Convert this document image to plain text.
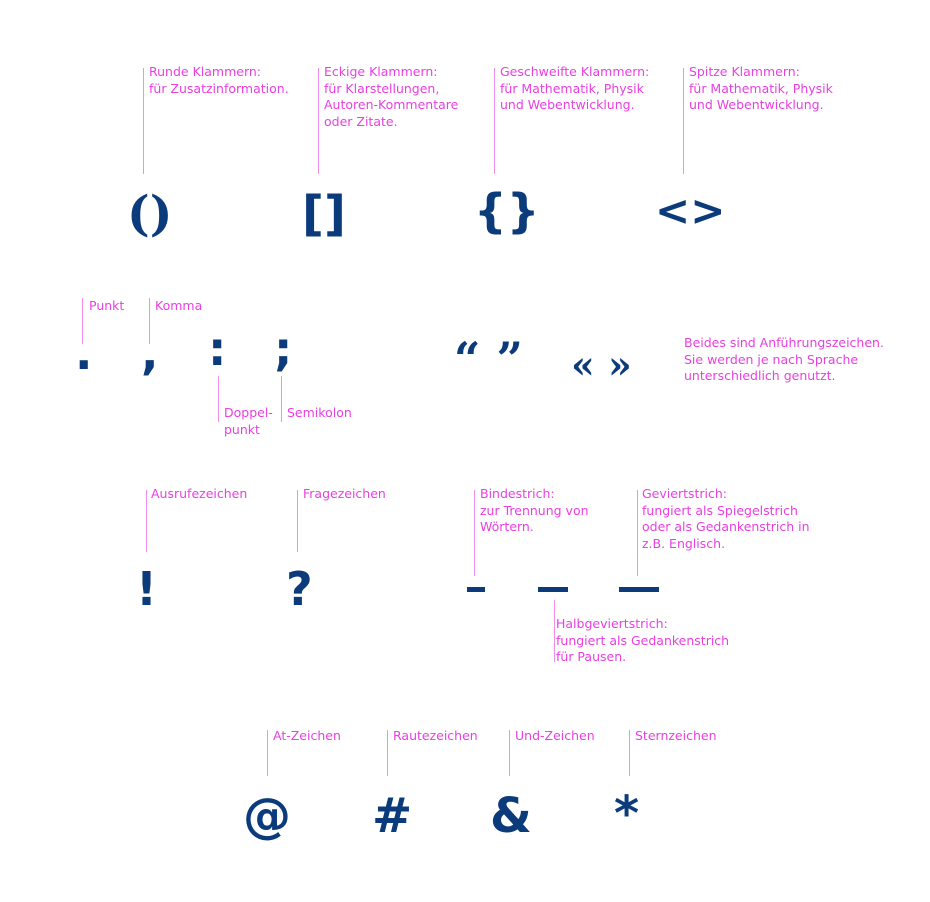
Runde Klammern:
für Zusatzinformation.
()
Eckige Klammern:
für Klarstellungen,
Autoren-Kommentare
oder Zitate.
[]
Geschweifte Klammern:
für Mathematik, Physik
und Webentwicklung.
{}
Spitze Klammern:
für Mathematik, Physik
und Webentwicklung.
<>
Punkt
.
Komma
, :
Doppel-
punkt
;
Semikolon
“ ” « »	Beides sind Anführungszeichen.
Sie werden je nach Sprache
unterschiedlich genutzt.
Ausrufezeichen
!
Fragezeichen
?
Bindestrich:
zur Trennung von
Wörtern.
Halbgeviertstrich:
fungiert als Gedankenstrich
für Pausen.
Geviertstrich:
fungiert als Spiegelstrich
oder als Gedankenstrich in
z.B. Englisch.
At-Zeichen
@
Rautezeichen
#
Und-Zeichen
&
Sternzeichen
*
